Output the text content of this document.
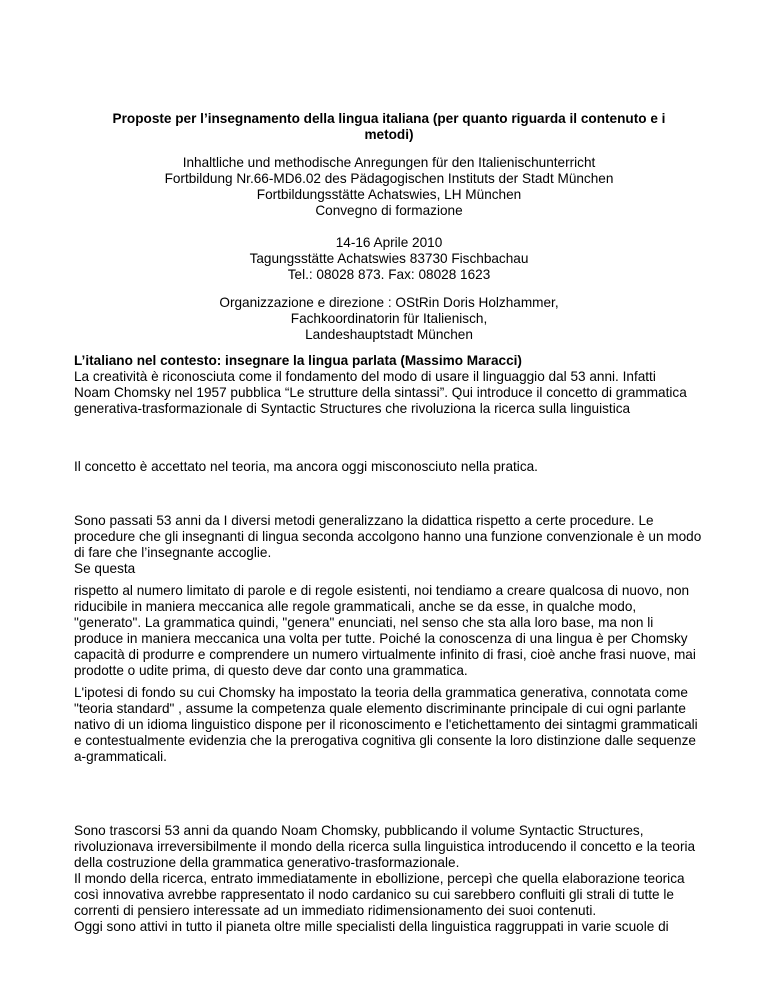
Proposte per l’insegnamento della lingua italiana (per quanto riguarda il contenuto e i metodi)

Inhaltliche und methodische Anregungen für den Italienischunterricht

Fortbildung Nr.66-MD6.02 des Pädagogischen Instituts der Stadt München

Fortbildungsstätte Achatswies, LH München

Convegno di formazione

14-16 Aprile 2010

Tagungsstätte Achatswies 83730 Fischbachau

Tel.: 08028 873. Fax: 08028 1623

Organizzazione e direzione : OStRin Doris Holzhammer,

Fachkoordinatorin für Italienisch,

Landeshauptstadt München

L’italiano nel contesto: insegnare la lingua parlata (Massimo Maracci)

La creatività è riconosciuta come il fondamento del modo di usare il linguaggio dal 53 anni. Infatti
Noam Chomsky nel 1957 pubblica “Le strutture della sintassi”. Qui introduce il concetto di grammatica generativa-trasformazionale di Syntactic Structures che rivoluziona la ricerca sulla linguistica

Il concetto è accettato nel teoria, ma ancora oggi misconosciuto nella pratica.

Sono passati 53 anni da I diversi metodi generalizzano la didattica rispetto a certe procedure. Le procedure che gli insegnanti di lingua seconda accolgono hanno una funzione convenzionale è un modo di fare che l’insegnante accoglie.
Se questa

rispetto al numero limitato di parole e di regole esistenti, noi tendiamo a creare qualcosa di nuovo, non riducibile in maniera meccanica alle regole grammaticali, anche se da esse, in qualche modo, "generato". La grammatica quindi, "genera" enunciati, nel senso che sta alla loro base, ma non li produce in maniera meccanica una volta per tutte. Poiché la conoscenza di una lingua è per Chomsky capacità di produrre e comprendere un numero virtualmente infinito di frasi, cioè anche frasi nuove, mai prodotte o udite prima, di questo deve dar conto una grammatica.

L'ipotesi di fondo su cui Chomsky ha impostato la teoria della grammatica generativa, connotata come "teoria standard" , assume la competenza quale elemento discriminante principale di cui ogni parlante nativo di un idioma linguistico dispone per il riconoscimento e l'etichettamento dei sintagmi grammaticali e contestualmente evidenzia che la prerogativa cognitiva gli consente la loro distinzione dalle sequenze a-grammaticali.

Sono trascorsi 53 anni da quando Noam Chomsky, pubblicando il volume Syntactic Structures, rivoluzionava irreversibilmente il mondo della ricerca sulla linguistica introducendo il concetto e la teoria della costruzione della grammatica generativo-trasformazionale.
Il mondo della ricerca, entrato immediatamente in ebollizione, percepì che quella elaborazione teorica così innovativa avrebbe rappresentato il nodo cardanico su cui sarebbero confluiti gli strali di tutte le correnti di pensiero interessate ad un immediato ridimensionamento dei suoi contenuti.
Oggi sono attivi in tutto il pianeta oltre mille specialisti della linguistica raggruppati in varie scuole di
